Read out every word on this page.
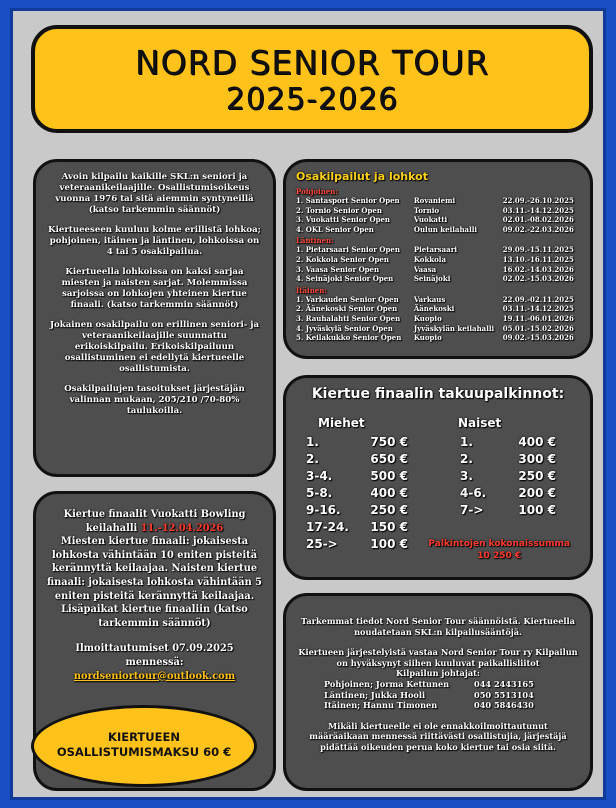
NORD SENIOR TOUR
2025-2026

Avoin kilpailu kaikille SKL:n seniori ja veteraanikeilaajille. Osallistumisoikeus vuonna 1976 tai sitä aiemmin syntyneillä (katso tarkemmin säännöt)

Kiertueeseen kuuluu kolme erillistä lohkoa; pohjoinen, itäinen ja läntinen, lohkoissa on 4 tai 5 osakilpailua.

Kiertueella lohkoissa on kaksi sarjaa miesten ja naisten sarjat. Molemmissa sarjoissa on lohkojen yhteinen kiertue finaali. (katso tarkemmin säännöt)

Jokainen osakilpailu on erillinen seniori- ja veteraanikeilaajille suunnattu erikoiskilpailu. Erikoiskilpailuun osallistuminen ei edellytä kiertueelle osallistumista.

Osakilpailujen tasoitukset järjestäjän valinnan mukaan, 205/210 /70-80% taulukoilla.

Osakilpailut ja lohkot
Pohjoinen:
1. Santasport Senior Open	Rovaniemi	22.09.-26.10.2025
2. Tornio Senior Open	Tornio	03.11.-14.12.2025
3. Vuokatti Senior Open	Vuokatti	02.01.-08.02.2026
4. OKL Senior Open	Oulun keilahalli	09.02.-22.03.2026
Läntinen:
1. Pietarsaari Senior Open	Pietarsaari	29.09.-15.11.2025
2. Kokkola Senior Open	Kokkola	13.10.-16.11.2025
3. Vaasa Senior Open	Vaasa	16.02.-14.03.2026
4. Seinäjoki Senior Open	Seinäjoki	02.02.-15.03.2026
Itäinen:
1. Varkauden Senior Open	Varkaus	22.09.-02.11.2025
2. Äänekoski Senior Open	Äänekoski	03.11.-14.12.2025
3. Rauhalahti Senior Open	Kuopio	19.11.-06.01.2026
4. Jyväskylä Senior Open	Jyväskylän keilahalli	05.01.-15.02.2026
5. Keilakukko Senior Open	Kuopio	09.02.-15.03.2026
Kiertue finaalin takuupalkinnot:
Miehet
1.	750 €
2.	650 €
3-4.	500 €
5-8.	400 €
9-16.	250 €
17-24.	150 €
25->	100 €
Naiset
1.	400 €
2.	300 €
3.	250 €
4-6.	200 €
7->	100 €
Palkintojen kokonaissumma
10 250 €
Kiertue finaalit Vuokatti Bowling keilahalli 11.-12.04.2026
Miesten kiertue finaali: jokaisesta lohkosta vähintään 10 eniten pisteitä kerännyttä keilaajaa. Naisten kiertue finaali: jokaisesta lohkosta vähintään 5 eniten pisteitä kerännyttä keilaajaa. Lisäpaikat kiertue finaaliin (katso tarkemmin säännöt)
Ilmoittautumiset 07.09.2025 mennessä:
nordseniortour@outlook.com
KIERTUEEN
OSALLISTUMISMAKSU 60 €
Tarkemmat tiedot Nord Senior Tour säännöistä. Kiertueella noudatetaan SKL:n kilpailusääntöjä.
Kiertueen järjestelyistä vastaa Nord Senior Tour ry Kilpailun on hyväksynyt siihen kuuluvat paikallisliitot
Kilpailun johtajat:
Pohjoinen; Jorma Kettunen	044 2443165
Läntinen; Jukka Hooli	050 5513104
Itäinen; Hannu Timonen	040 5846430
Mikäli kiertueelle ei ole ennakkoilmoittautunut määräaikaan mennessä riittävästi osallistujia, järjestäjä pidättää oikeuden perua koko kiertue tai osia siitä.
